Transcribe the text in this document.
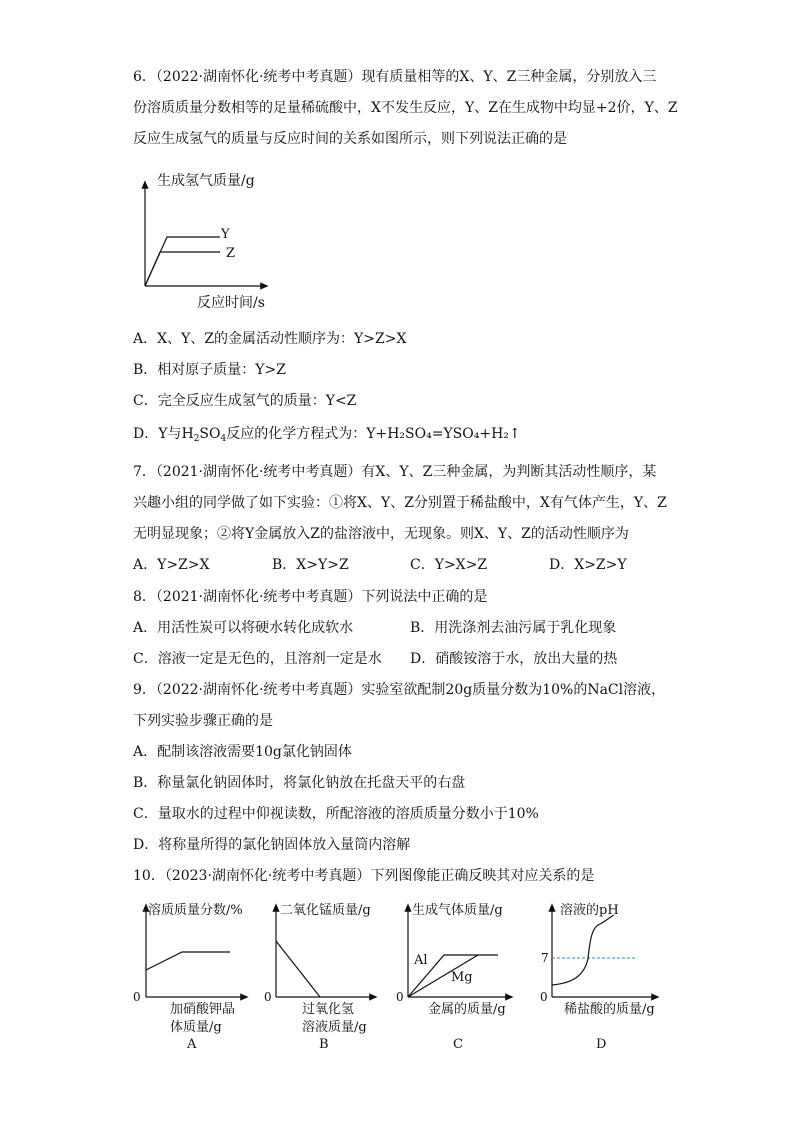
6．（2022·湖南怀化·统考中考真题）现有质量相等的X、Y、Z三种金属，分别放入三
份溶质质量分数相等的足量稀硫酸中，X不发生反应，Y、Z在生成物中均显+2价，Y、Z
反应生成氢气的质量与反应时间的关系如图所示，则下列说法正确的是
生成氢气质量/g
Y
Z
反应时间/s
A．X、Y、Z的金属活动性顺序为：Y>Z>X
B．相对原子质量：Y>Z
C．完全反应生成氢气的质量：Y<Z
D．Y与$H_2SO_4$反应的化学方程式为：Y+H₂SO₄=YSO₄+H₂↑
7．（2021·湖南怀化·统考中考真题）有X、Y、Z三种金属，为判断其活动性顺序，某
兴趣小组的同学做了如下实验：①将X、Y、Z分别置于稀盐酸中，X有气体产生，Y、Z
无明显现象；②将Y金属放入Z的盐溶液中，无现象。则X、Y、Z的活动性顺序为
A．Y>Z>X	B．X>Y>Z	C．Y>X>Z	D．X>Z>Y
8．（2021·湖南怀化·统考中考真题）下列说法中正确的是
A．用活性炭可以将硬水转化成软水	B．用洗涤剂去油污属于乳化现象
C．溶液一定是无色的，且溶剂一定是水 D．硝酸铵溶于水，放出大量的热
9．（2022·湖南怀化·统考中考真题）实验室欲配制20g质量分数为10%的NaCl溶液，
下列实验步骤正确的是
A．配制该溶液需要10g氯化钠固体
B．称量氯化钠固体时，将氯化钠放在托盘天平的右盘
C．量取水的过程中仰视读数，所配溶液的溶质质量分数小于10%
D．将称量所得的氯化钠固体放入量筒内溶解
10．（2023·湖南怀化·统考中考真题）下列图像能正确反映其对应关系的是
溶质质量分数/%
0
加硝酸钾晶
体质量/g
A
二氧化锰质量/g
0
过氧化氢
溶液质量/g
B
生成气体质量/g
Al
Mg
0
金属的质量/g
C
溶液的pH
7
0
稀盐酸的质量/g
D
